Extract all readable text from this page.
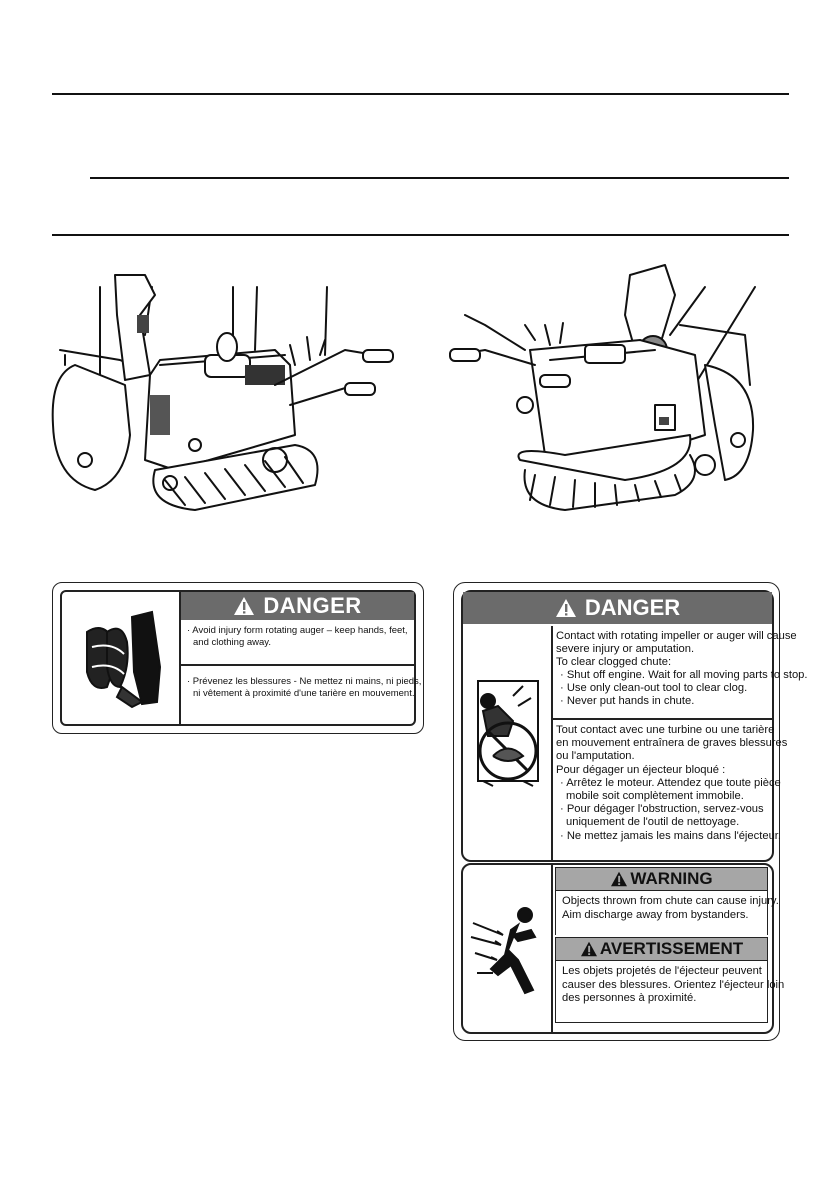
DANGER
· Avoid injury form rotating auger – keep hands, feet,
and clothing away.
· Prévenez les blessures - Ne mettez ni mains, ni pieds,
ni vêtement à proximité d'une tarière en mouvement.
DANGER
Contact with rotating impeller or auger will cause
severe injury or amputation.
To clear clogged chute:
· Shut off engine. Wait for all moving parts to stop.
· Use only clean-out tool to clear clog.
· Never put hands in chute.
Tout contact avec une turbine ou une tarière
en mouvement entraînera de graves blessures
ou l'amputation.
Pour dégager un éjecteur bloqué :
· Arrêtez le moteur. Attendez que toute pièce
mobile soit complètement immobile.
· Pour dégager l'obstruction, servez-vous
uniquement de l'outil de nettoyage.
· Ne mettez jamais les mains dans l'éjecteur.
WARNING
Objects thrown from chute can cause injury.
Aim discharge away from bystanders.
AVERTISSEMENT
Les objets projetés de l'éjecteur peuvent
causer des blessures. Orientez l'éjecteur loin
des personnes à proximité.
